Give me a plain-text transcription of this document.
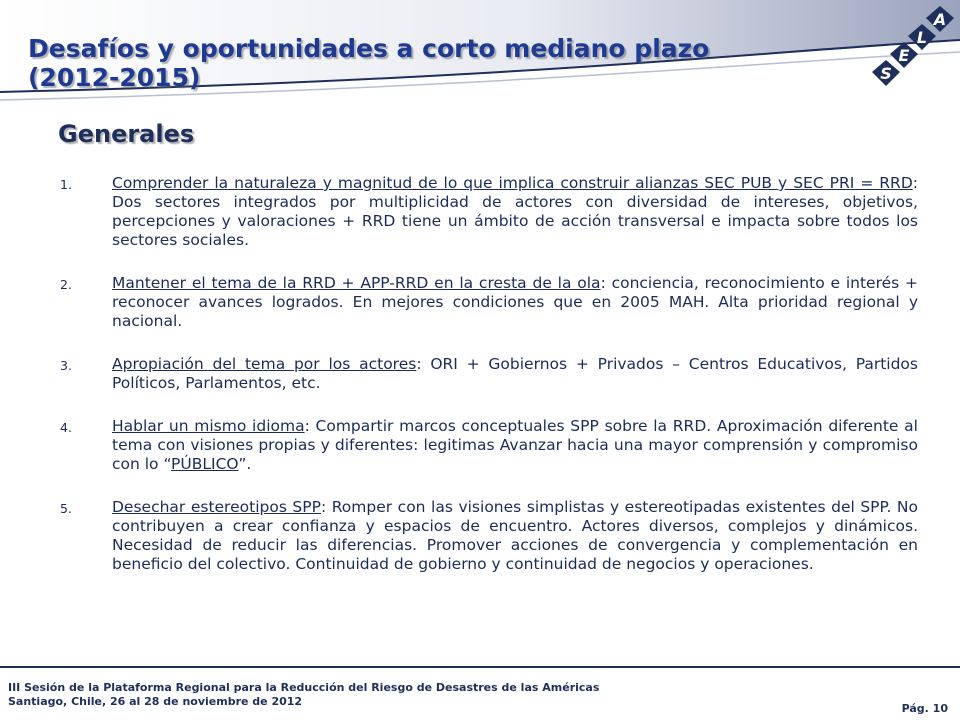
Desafíos y oportunidades a corto mediano plazo (2012-2015)
A
L
E
S
Generales
1.	Comprender la naturaleza y magnitud de lo que implica construir alianzas SEC PUB y SEC PRI = RRD: Dos sectores integrados por multiplicidad de actores con diversidad de intereses, objetivos, percepciones y valoraciones + RRD tiene un ámbito de acción transversal e impacta sobre todos los sectores sociales.
2.	Mantener el tema de la RRD + APP-RRD en la cresta de la ola: conciencia, reconocimiento e interés + reconocer avances logrados. En mejores condiciones que en 2005 MAH. Alta prioridad regional y nacional.
3.	Apropiación del tema por los actores: ORI + Gobiernos + Privados – Centros Educativos, Partidos Políticos, Parlamentos, etc.
4.	Hablar un mismo idioma: Compartir marcos conceptuales SPP sobre la RRD. Aproximación diferente al tema con visiones propias y diferentes: legitimas Avanzar hacia una mayor comprensión y compromiso con lo “PÚBLICO”.
5.	Desechar estereotipos SPP: Romper con las visiones simplistas y estereotipadas existentes del SPP. No contribuyen a crear confianza y espacios de encuentro. Actores diversos, complejos y dinámicos. Necesidad de reducir las diferencias. Promover acciones de convergencia y complementación en beneficio del colectivo. Continuidad de gobierno y continuidad de negocios y operaciones.
III Sesión de la Plataforma Regional para la Reducción del Riesgo de Desastres de las Américas
Santiago, Chile, 26 al 28 de noviembre de 2012
Pág. 10
